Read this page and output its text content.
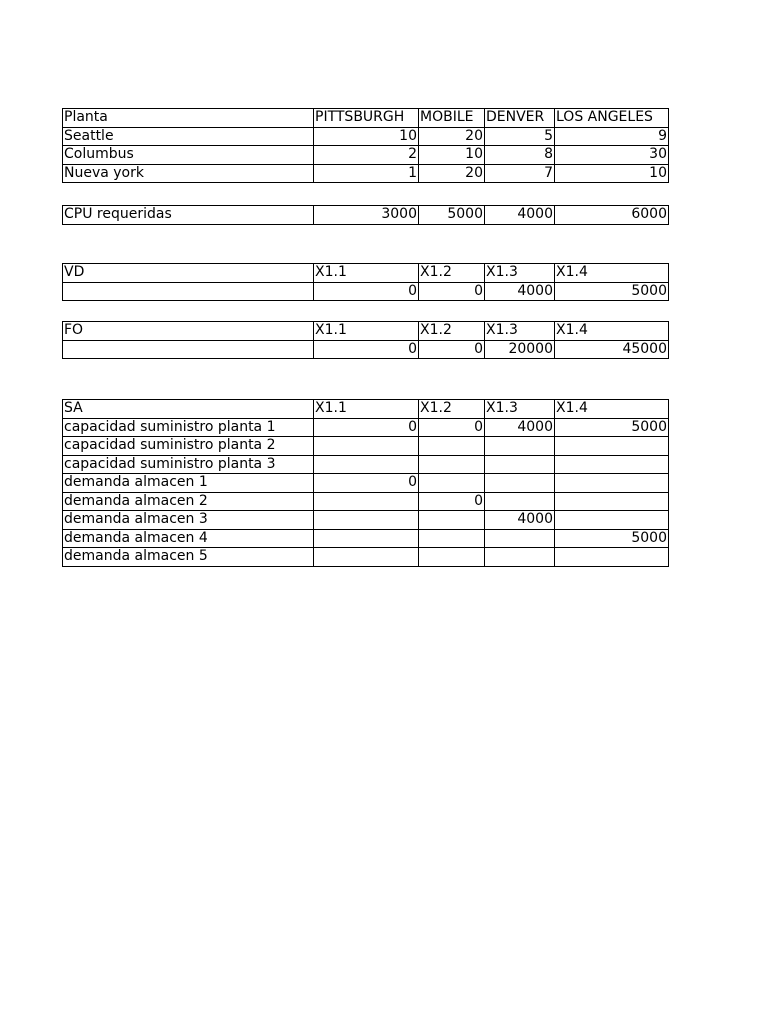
Planta	PITTSBURGH	MOBILE	DENVER	LOS ANGELES
Seattle	10	20	5	9
Columbus	2	10	8	30
Nueva york	1	20	7	10
CPU requeridas	3000	5000	4000	6000
VD	X1.1	X1.2	X1.3	X1.4
	0	0	4000	5000
FO	X1.1	X1.2	X1.3	X1.4
	0	0	20000	45000
SA	X1.1	X1.2	X1.3	X1.4
capacidad suministro planta 1	0	0	4000	5000
capacidad suministro planta 2				
capacidad suministro planta 3				
demanda almacen 1	0			
demanda almacen 2		0		
demanda almacen 3			4000	
demanda almacen 4				5000
demanda almacen 5				
